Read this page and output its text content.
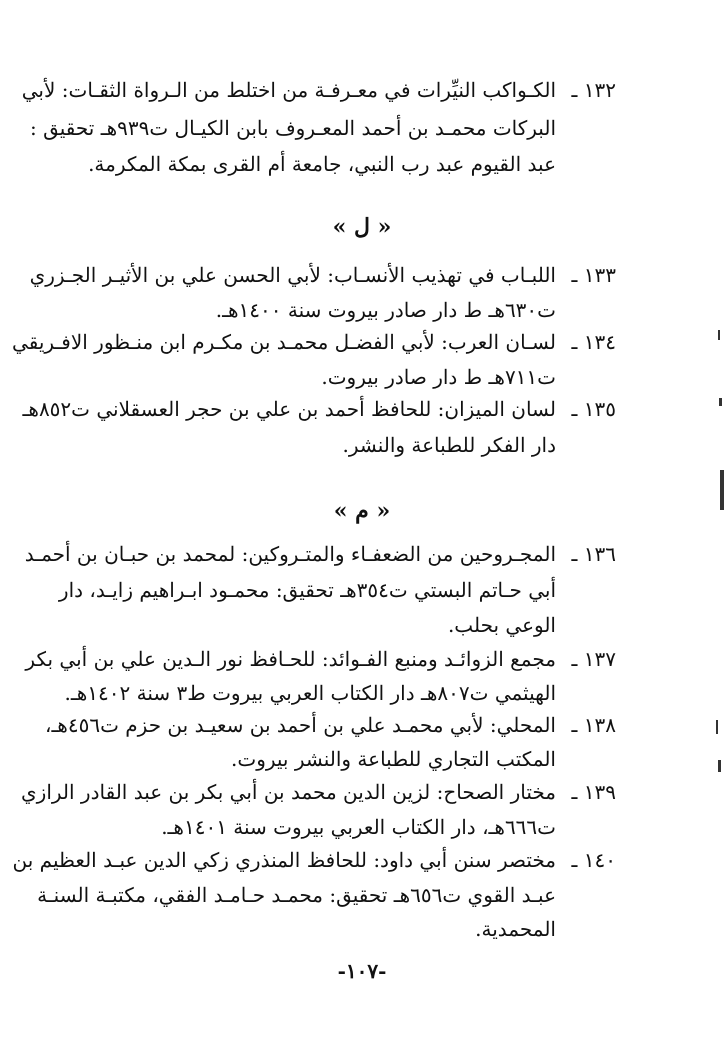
١٣٢ ـ
الكـواكب النيِّرات في معـرفـة من اختلط من الـرواة الثقـات: لأبي
البركات محمـد بن أحمد المعـروف بابن الكيـال ت٩٣٩هـ تحقيق :
عبد القيوم عبد رب النبي، جامعة أم القرى بمكة المكرمة.
« ل »
١٣٣ ـ
اللبـاب في تهذيب الأنسـاب: لأبي الحسن علي بن الأثيـر الجـزري
ت٦٣٠هـ ط دار صادر بيروت سنة ١٤٠٠هـ.
١٣٤ ـ
لسـان العرب: لأبي الفضـل محمـد بن مكـرم ابن منـظور الافـريقي
ت٧١١هـ ط دار صادر بيروت.
١٣٥ ـ
لسان الميزان: للحافظ أحمد بن علي بن حجر العسقلاني ت٨٥٢هـ
دار الفكر للطباعة والنشر.
« م »
١٣٦ ـ
المجـروحين من الضعفـاء والمتـروكين: لمحمد بن حبـان بن أحمـد
أبي حـاتم البستي ت٣٥٤هـ تحقيق: محمـود ابـراهيم زايـد، دار
الوعي بحلب.
١٣٧ ـ
مجمع الزوائـد ومنبع الفـوائد: للحـافظ نور الـدين علي بن أبي بكر
الهيثمي ت٨٠٧هـ دار الكتاب العربي بيروت ط٣ سنة ١٤٠٢هـ.
١٣٨ ـ
المحلي: لأبي محمـد علي بن أحمد بن سعيـد بن حزم ت٤٥٦هـ،
المكتب التجاري للطباعة والنشر بيروت.
١٣٩ ـ
مختار الصحاح: لزين الدين محمد بن أبي بكر بن عبد القادر الرازي
ت٦٦٦هـ، دار الكتاب العربي بيروت سنة ١٤٠١هـ.
١٤٠ ـ
مختصر سنن أبي داود: للحافظ المنذري زكي الدين عبـد العظيم بن
عبـد القوي ت٦٥٦هـ تحقيق: محمـد حـامـد الفقي، مكتبـة السنـة
المحمدية.
-١٠٧-
